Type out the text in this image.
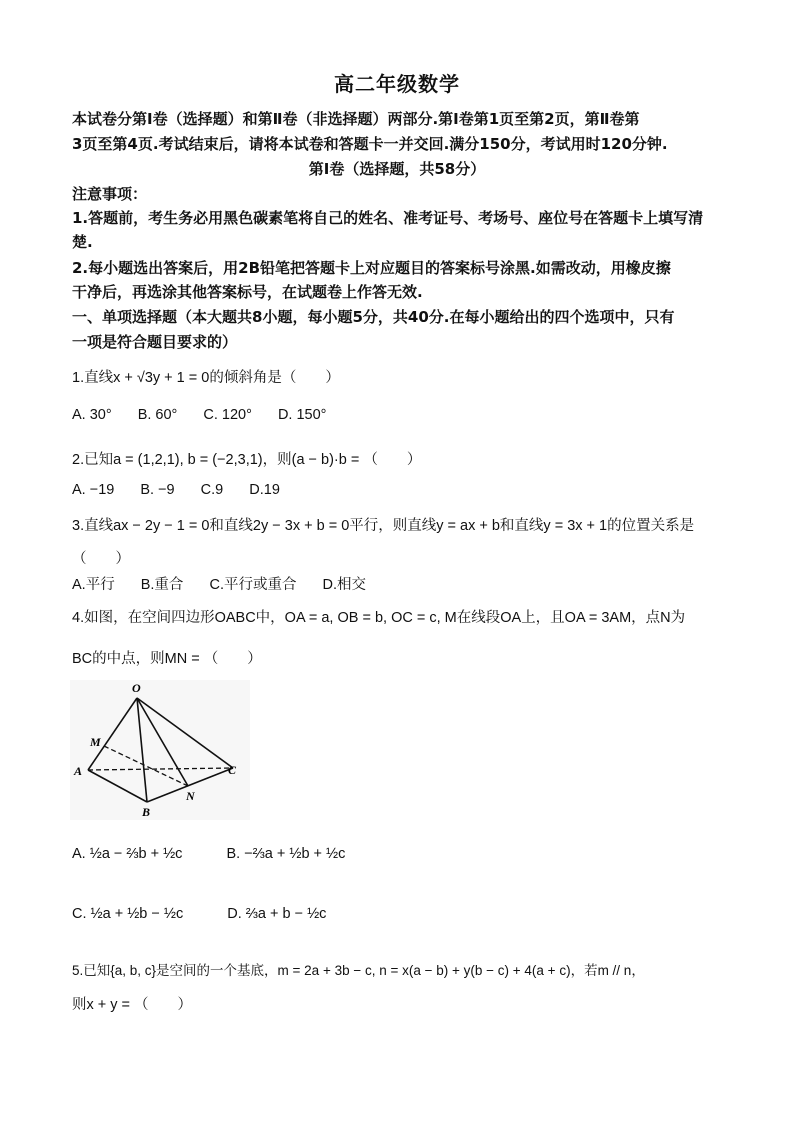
高二年级数学
本试卷分第I卷（选择题）和第Ⅱ卷（非选择题）两部分.第I卷第1页至第2页，第Ⅱ卷第
3页至第4页.考试结束后，请将本试卷和答题卡一并交回.满分150分，考试用时120分钟.
第I卷（选择题，共58分）
注意事项：
1.答题前，考生务必用黑色碳素笔将自己的姓名、准考证号、考场号、座位号在答题卡上填写清
楚.
2.每小题选出答案后，用2B铅笔把答题卡上对应题目的答案标号涂黑.如需改动，用橡皮擦
干净后，再选涂其他答案标号，在试题卷上作答无效.
一、单项选择题（本大题共8小题，每小题5分，共40分.在每小题给出的四个选项中，只有
一项是符合题目要求的）
1.直线x + √3y + 1 = 0的倾斜角是（　　）
A. 30° B. 60° C. 120° D. 150°
2.已知a = (1,2,1), b = (−2,3,1)，则(a − b)·b = （　　）
A. −19 B. −9 C.9 D.19
3.直线ax − 2y − 1 = 0和直线2y − 3x + b = 0平行，则直线y = ax + b和直线y = 3x + 1的位置关系是
（　　）
A.平行 B.重合 C.平行或重合 D.相交
4.如图，在空间四边形OABC中，OA = a, OB = b, OC = c, M在线段OA上，且OA = 3AM，点N为
BC的中点，则MN = （　　）
O
M
A
B
N
C
A. ½a − ⅔b + ½c	B. −⅔a + ½b + ½c
C. ½a + ½b − ½c	D. ⅔a + b − ½c
5.已知{a, b, c}是空间的一个基底，m = 2a + 3b − c, n = x(a − b) + y(b − c) + 4(a + c)，若m // n，
则x + y = （　　）
